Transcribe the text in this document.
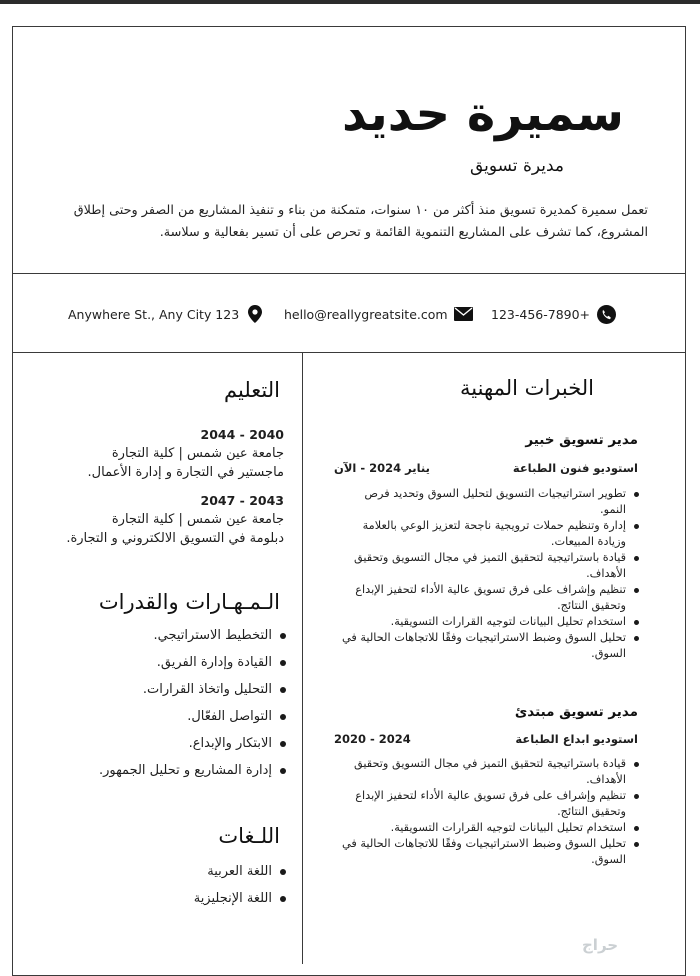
سميرة حديد

مديرة تسويق

تعمل سميرة كمديرة تسويق منذ أكثر من ١٠ سنوات، متمكنة من بناء و تنفيذ المشاريع من الصفر وحتى إطلاق المشروع، كما تشرف على المشاريع التنموية القائمة و تحرص على أن تسير بفعالية و سلاسة.

Anywhere St., Any City 123	hello@reallygreatsite.com	123-456-7890+
الخبرات المهنية
مدير تسويق خبير
استوديو فنون الطباعة
يناير 2024 - الآن
تطوير استراتيجيات التسويق لتحليل السوق وتحديد فرص النمو.
إدارة وتنظيم حملات ترويجية ناجحة لتعزيز الوعي بالعلامة وزيادة المبيعات.
قيادة باستراتيجية لتحقيق التميز في مجال التسويق وتحقيق الأهداف.
تنظيم وإشراف على فرق تسويق عالية الأداء لتحفيز الإبداع وتحقيق النتائج.
استخدام تحليل البيانات لتوجيه القرارات التسويقية.
تحليل السوق وضبط الاستراتيجيات وفقًا للاتجاهات الحالية في السوق.
مدير تسويق مبتدئ
استوديو ابداع الطباعة
2024 - 2020
قيادة باستراتيجية لتحقيق التميز في مجال التسويق وتحقيق الأهداف.
تنظيم وإشراف على فرق تسويق عالية الأداء لتحفيز الإبداع وتحقيق النتائج.
استخدام تحليل البيانات لتوجيه القرارات التسويقية.
تحليل السوق وضبط الاستراتيجيات وفقًا للاتجاهات الحالية في السوق.
التعليم
2044 - 2040
جامعة عين شمس | كلية التجارة
ماجستير في التجارة و إدارة الأعمال.
2047 - 2043
جامعة عين شمس | كلية التجارة
دبلومة في التسويق الالكتروني و التجارة.
الـمـهـارات والقدرات
التخطيط الاستراتيجي.
القيادة وإدارة الفريق.
التحليل واتخاذ القرارات.
التواصل الفعّال.
الابتكار والإبداع.
إدارة المشاريع و تحليل الجمهور.
اللـغات
اللغة العربية
اللغة الإنجليزية
حراج
